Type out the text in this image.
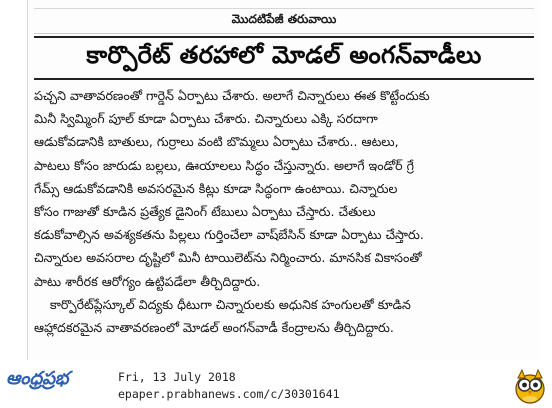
మొదటిపేజీ తరువాయి
కార్పొరేట్ తరహాలో మోడల్ అంగన్‌వాడీలు
పచ్చని వాతావరణంతో గార్డెన్ ఏర్పాటు చేశారు. అలాగే చిన్నారులు ఈత కొట్టేందుకు
మినీ స్విమ్మింగ్ పూల్ కూడా ఏర్పాటు చేశారు. చిన్నారులు ఎక్కి సరదాగా
ఆడుకోవడానికి బాతులు, గుర్రాలు వంటి బొమ్మలు ఏర్పాటు చేశారు.. ఆటలు,
పాటలు కోసం జారుడు బల్లలు, ఊయాలలు సిద్ధం చేస్తున్నారు. అలాగే ఇండోర్ గ్రే
గేమ్స్ ఆడుకోవడానికి అవసరమైన కిట్లు కూడా సిద్ధంగా ఉంటాయి. చిన్నారుల
కోసం గాజుతో కూడిన ప్రత్యేక డైనింగ్ టేబులు ఏర్పాటు చేస్తారు. చేతులు
కడుకోవాల్సిన అవశ్యకతను పిల్లలు గుర్తించేలా వాష్‌బేసిన్ కూడా ఏర్పాటు చేస్తారు.
చిన్నారుల అవసరాల దృష్టిలో మినీ టాయిలెట్‌ను నిర్మించారు. మానసిక వికాసంతో
పాటు శారీరక ఆరోగ్యం ఉట్టిపడేలా తీర్చిదిద్దారు.
కార్పొరేట్‌ప్లేస్కూల్ విద్యకు ధీటుగా చిన్నారులకు అధునిక హంగులతో కూడిన
ఆహ్లాదకరమైన వాతావరణంలో మోడల్ అంగన్‌వాడీ కేంద్రాలను తీర్చిదిద్దారు.
ఆంధ్రప్రభ	Fri, 13 July 2018
epaper.prabhanews.com/c/30301641
